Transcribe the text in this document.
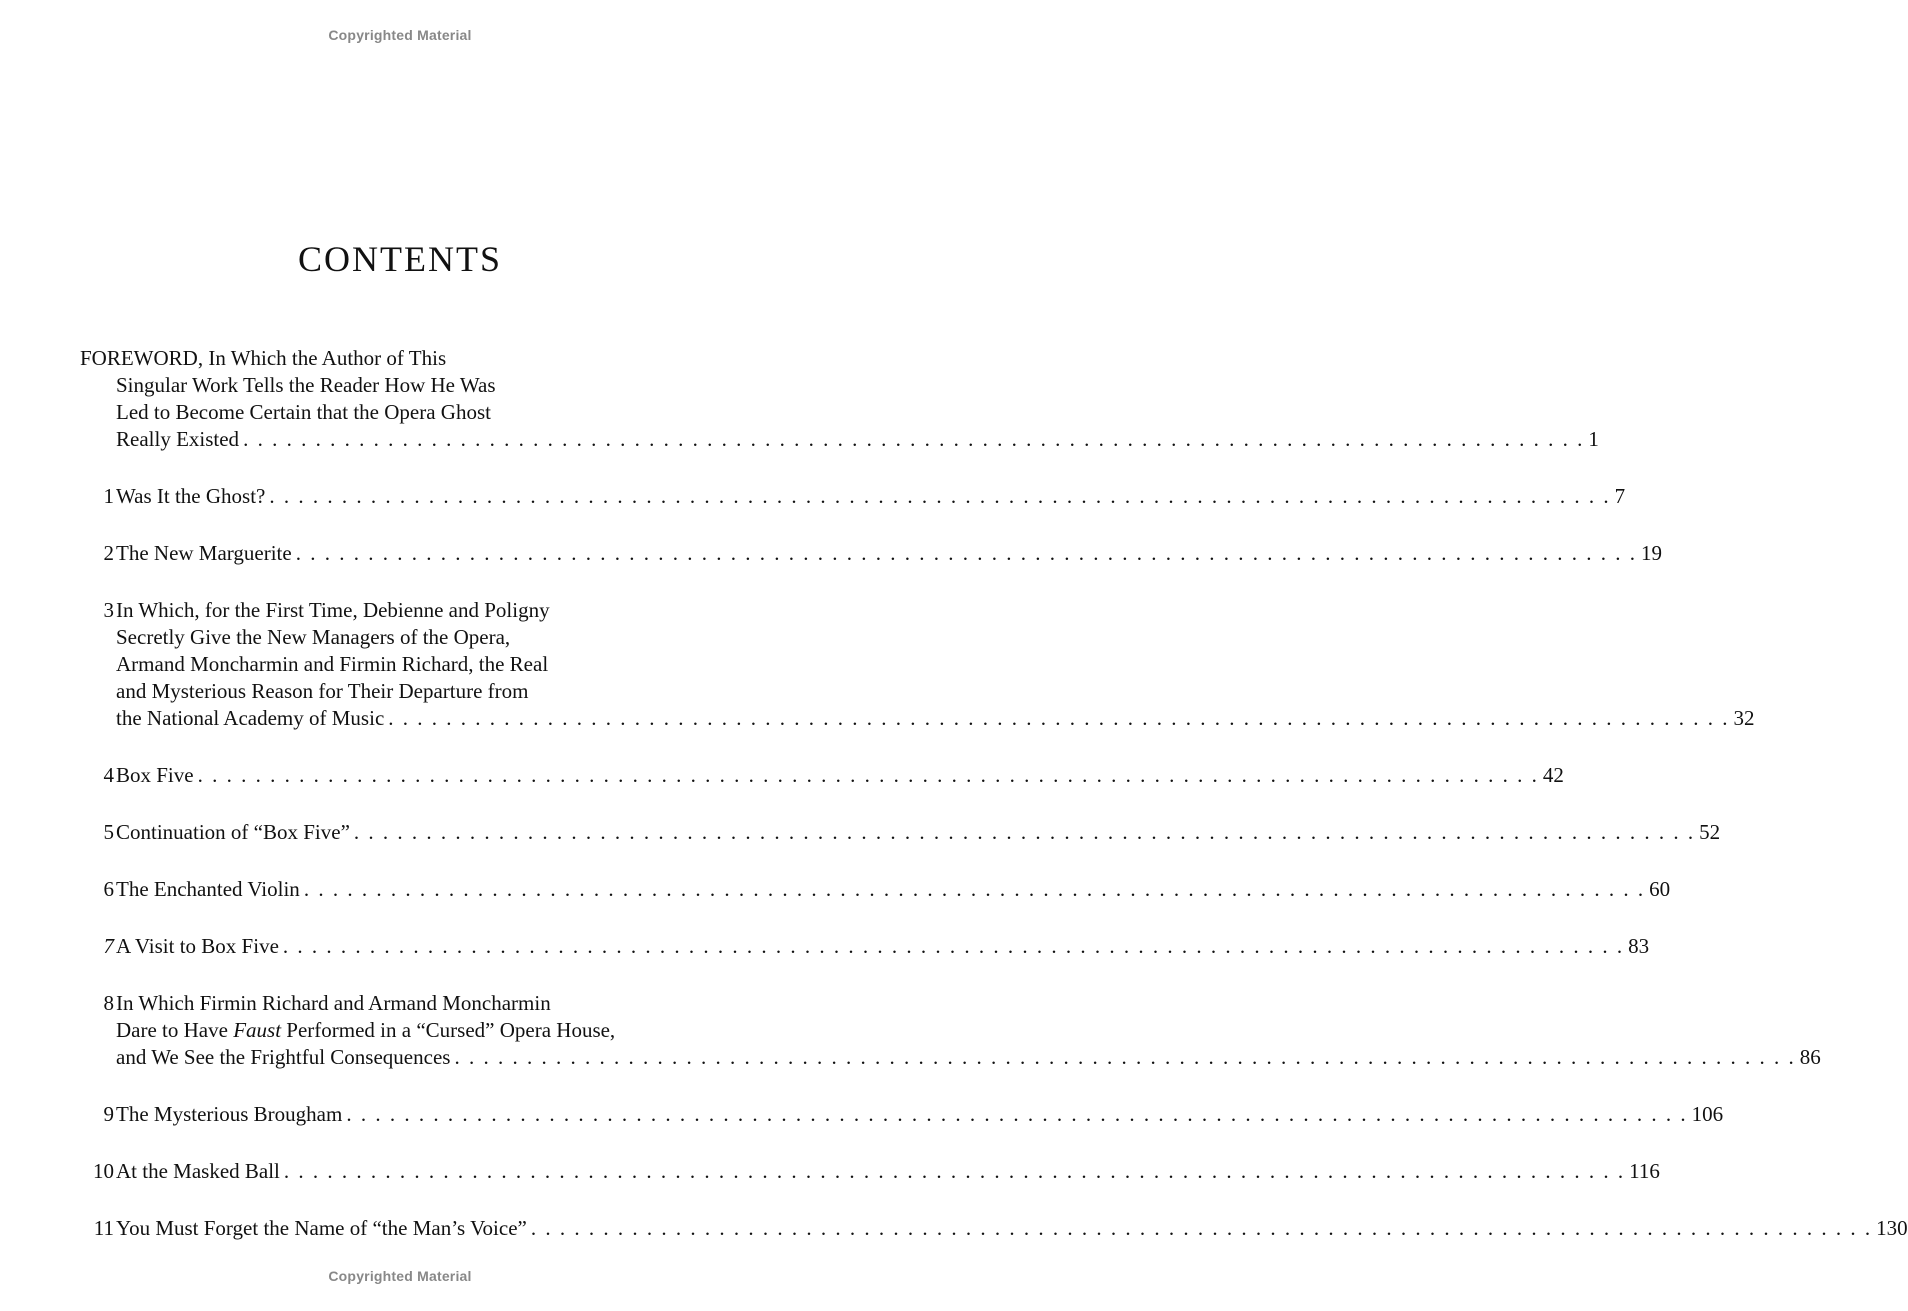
Copyrighted Material
CONTENTS
FOREWORD, In Which the Author of This
Singular Work Tells the Reader How He Was
Led to Become Certain that the Opera Ghost
Really Existed . . .	1
1 Was It the Ghost? . . .	7
2 The New Marguerite . . .	19
3 In Which, for the First Time, Debienne and Poligny
Secretly Give the New Managers of the Opera,
Armand Moncharmin and Firmin Richard, the Real
and Mysterious Reason for Their Departure from
the National Academy of Music . . .	32
4 Box Five . . .	42
5 Continuation of “Box Five” . . .	52
6 The Enchanted Violin . . .	60
7 A Visit to Box Five . . .	83
8 In Which Firmin Richard and Armand Moncharmin
Dare to Have Faust Performed in a “Cursed” Opera House,
and We See the Frightful Consequences . . .	86
9 The Mysterious Brougham . . .	106
10 At the Masked Ball . . .	116
11 You Must Forget the Name of “the Man’s Voice” . . .	130
Copyrighted Material
